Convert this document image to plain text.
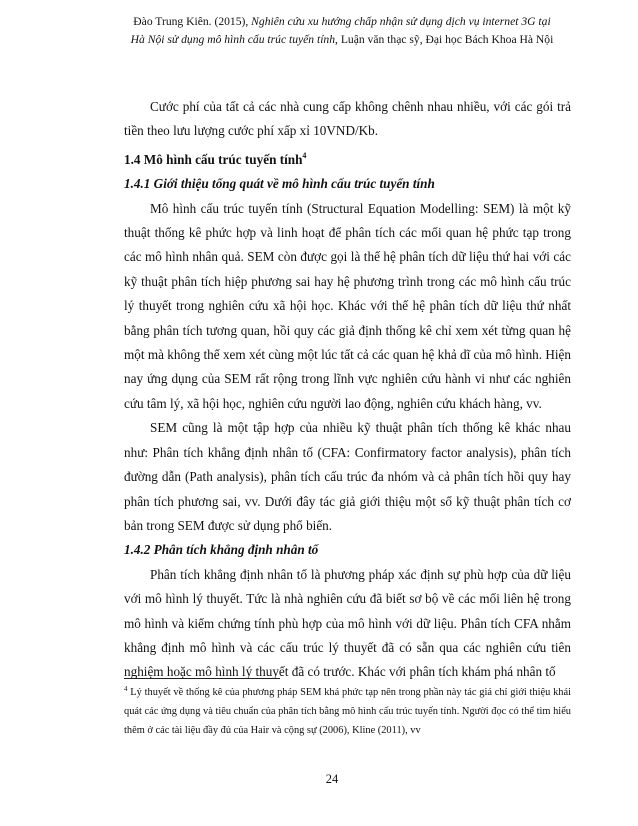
Đào Trung Kiên. (2015), Nghiên cứu xu hướng chấp nhận sử dụng dịch vụ internet 3G tại
Hà Nội sử dụng mô hình cấu trúc tuyến tính, Luận văn thạc sỹ, Đại học Bách Khoa Hà Nội

Cước phí của tất cả các nhà cung cấp không chênh nhau nhiều, với các gói trả tiền theo lưu lượng cước phí xấp xỉ 10VND/Kb.

1.4 Mô hình cấu trúc tuyến tính$^4$
1.4.1 Giới thiệu tổng quát về mô hình cấu trúc tuyến tính

Mô hình cấu trúc tuyến tính (Structural Equation Modelling: SEM) là một kỹ thuật thống kê phức hợp và linh hoạt để phân tích các mối quan hệ phức tạp trong các mô hình nhân quả. SEM còn được gọi là thế hệ phân tích dữ liệu thứ hai với các kỹ thuật phân tích hiệp phương sai hay hệ phương trình trong các mô hình cấu trúc lý thuyết trong nghiên cứu xã hội học. Khác với thế hệ phân tích dữ liệu thứ nhất bằng phân tích tương quan, hồi quy các giả định thống kê chỉ xem xét từng quan hệ một mà không thể xem xét cùng một lúc tất cả các quan hệ khả dĩ của mô hình. Hiện nay ứng dụng của SEM rất rộng trong lĩnh vực nghiên cứu hành vi như các nghiên cứu tâm lý, xã hội học, nghiên cứu người lao động, nghiên cứu khách hàng, vv.

SEM cũng là một tập hợp của nhiều kỹ thuật phân tích thống kê khác nhau như: Phân tích khẳng định nhân tố (CFA: Confirmatory factor analysis), phân tích đường dẫn (Path analysis), phân tích cấu trúc đa nhóm và cả phân tích hồi quy hay phân tích phương sai, vv. Dưới đây tác giả giới thiệu một số kỹ thuật phân tích cơ bản trong SEM được sử dụng phổ biến.

1.4.2 Phân tích khẳng định nhân tố

Phân tích khẳng định nhân tố là phương pháp xác định sự phù hợp của dữ liệu với mô hình lý thuyết. Tức là nhà nghiên cứu đã biết sơ bộ về các mối liên hệ trong mô hình và kiểm chứng tính phù hợp của mô hình với dữ liệu. Phân tích CFA nhằm khẳng định mô hình và các cấu trúc lý thuyết đã có sẵn qua các nghiên cứu tiên nghiệm hoặc mô hình lý thuyết đã có trước. Khác với phân tích khám phá nhân tố

$^4$ Lý thuyết về thống kê của phương pháp SEM khá phức tạp nên trong phần này tác giả chỉ giới thiệu khái quát các ứng dụng và tiêu chuẩn của phân tích bằng mô hình cấu trúc tuyến tính. Người đọc có thể tìm hiểu thêm ở các tài liệu đầy đủ của Hair và cộng sự (2006), Kline (2011), vv
24
